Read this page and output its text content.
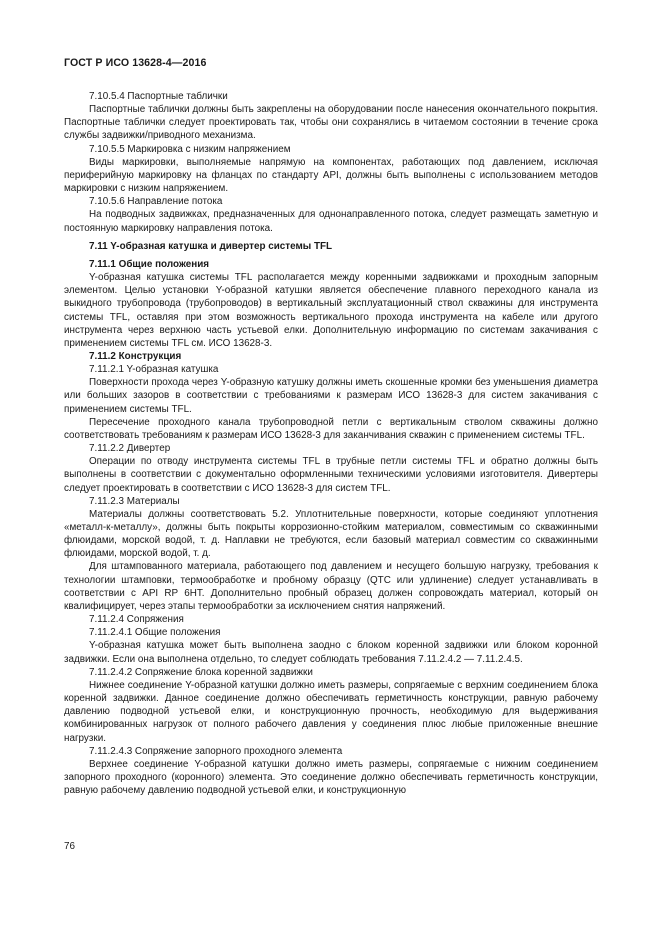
ГОСТ Р ИСО 13628-4—2016

7.10.5.4 Паспортные таблички

Паспортные таблички должны быть закреплены на оборудовании после нанесения окончательного покрытия. Паспортные таблички следует проектировать так, чтобы они сохранялись в читаемом состоянии в течение срока службы задвижки/приводного механизма.

7.10.5.5 Маркировка с низким напряжением

Виды маркировки, выполняемые напрямую на компонентах, работающих под давлением, исключая периферийную маркировку на фланцах по стандарту API, должны быть выполнены с использованием методов маркировки с низким напряжением.

7.10.5.6 Направление потока

На подводных задвижках, предназначенных для однонаправленного потока, следует размещать заметную и постоянную маркировку направления потока.

7.11 Y-образная катушка и дивертер системы TFL

7.11.1 Общие положения

Y-образная катушка системы TFL располагается между коренными задвижками и проходным запорным элементом. Целью установки Y-образной катушки является обеспечение плавного переходного канала из выкидного трубопровода (трубопроводов) в вертикальный эксплуатационный ствол скважины для инструмента системы TFL, оставляя при этом возможность вертикального прохода инструмента на кабеле или другого инструмента через верхнюю часть устьевой елки. Дополнительную информацию по системам закачивания с применением системы TFL см. ИСО 13628-3.

7.11.2 Конструкция

7.11.2.1 Y-образная катушка

Поверхности прохода через Y-образную катушку должны иметь скошенные кромки без уменьшения диаметра или больших зазоров в соответствии с требованиями к размерам ИСО 13628-3 для систем закачивания с применением системы TFL.

Пересечение проходного канала трубопроводной петли с вертикальным стволом скважины должно соответствовать требованиям к размерам ИСО 13628-3 для заканчивания скважин с применением системы TFL.

7.11.2.2 Дивертер

Операции по отводу инструмента системы TFL в трубные петли системы TFL и обратно должны быть выполнены в соответствии с документально оформленными техническими условиями изготовителя. Дивертеры следует проектировать в соответствии с ИСО 13628-3 для систем TFL.

7.11.2.3 Материалы

Материалы должны соответствовать 5.2. Уплотнительные поверхности, которые соединяют уплотнения «металл-к-металлу», должны быть покрыты коррозионно-стойким материалом, совместимым со скважинными флюидами, морской водой, т. д. Наплавки не требуются, если базовый материал совместим со скважинными флюидами, морской водой, т. д.

Для штампованного материала, работающего под давлением и несущего большую нагрузку, требования к технологии штамповки, термообработке и пробному образцу (QTC или удлинение) следует устанавливать в соответствии с API RP 6HT. Дополнительно пробный образец должен сопровождать материал, который он квалифицирует, через этапы термообработки за исключением снятия напряжений.

7.11.2.4 Сопряжения

7.11.2.4.1 Общие положения

Y-образная катушка может быть выполнена заодно с блоком коренной задвижки или блоком коронной задвижки. Если она выполнена отдельно, то следует соблюдать требования 7.11.2.4.2 — 7.11.2.4.5.

7.11.2.4.2 Сопряжение блока коренной задвижки

Нижнее соединение Y-образной катушки должно иметь размеры, сопрягаемые с верхним соединением блока коренной задвижки. Данное соединение должно обеспечивать герметичность конструкции, равную рабочему давлению подводной устьевой елки, и конструкционную прочность, необходимую для выдерживания комбинированных нагрузок от полного рабочего давления у соединения плюс любые приложенные внешние нагрузки.

7.11.2.4.3 Сопряжение запорного проходного элемента

Верхнее соединение Y-образной катушки должно иметь размеры, сопрягаемые с нижним соединением запорного проходного (коронного) элемента. Это соединение должно обеспечивать герметичность конструкции, равную рабочему давлению подводной устьевой елки, и конструкционную

76
